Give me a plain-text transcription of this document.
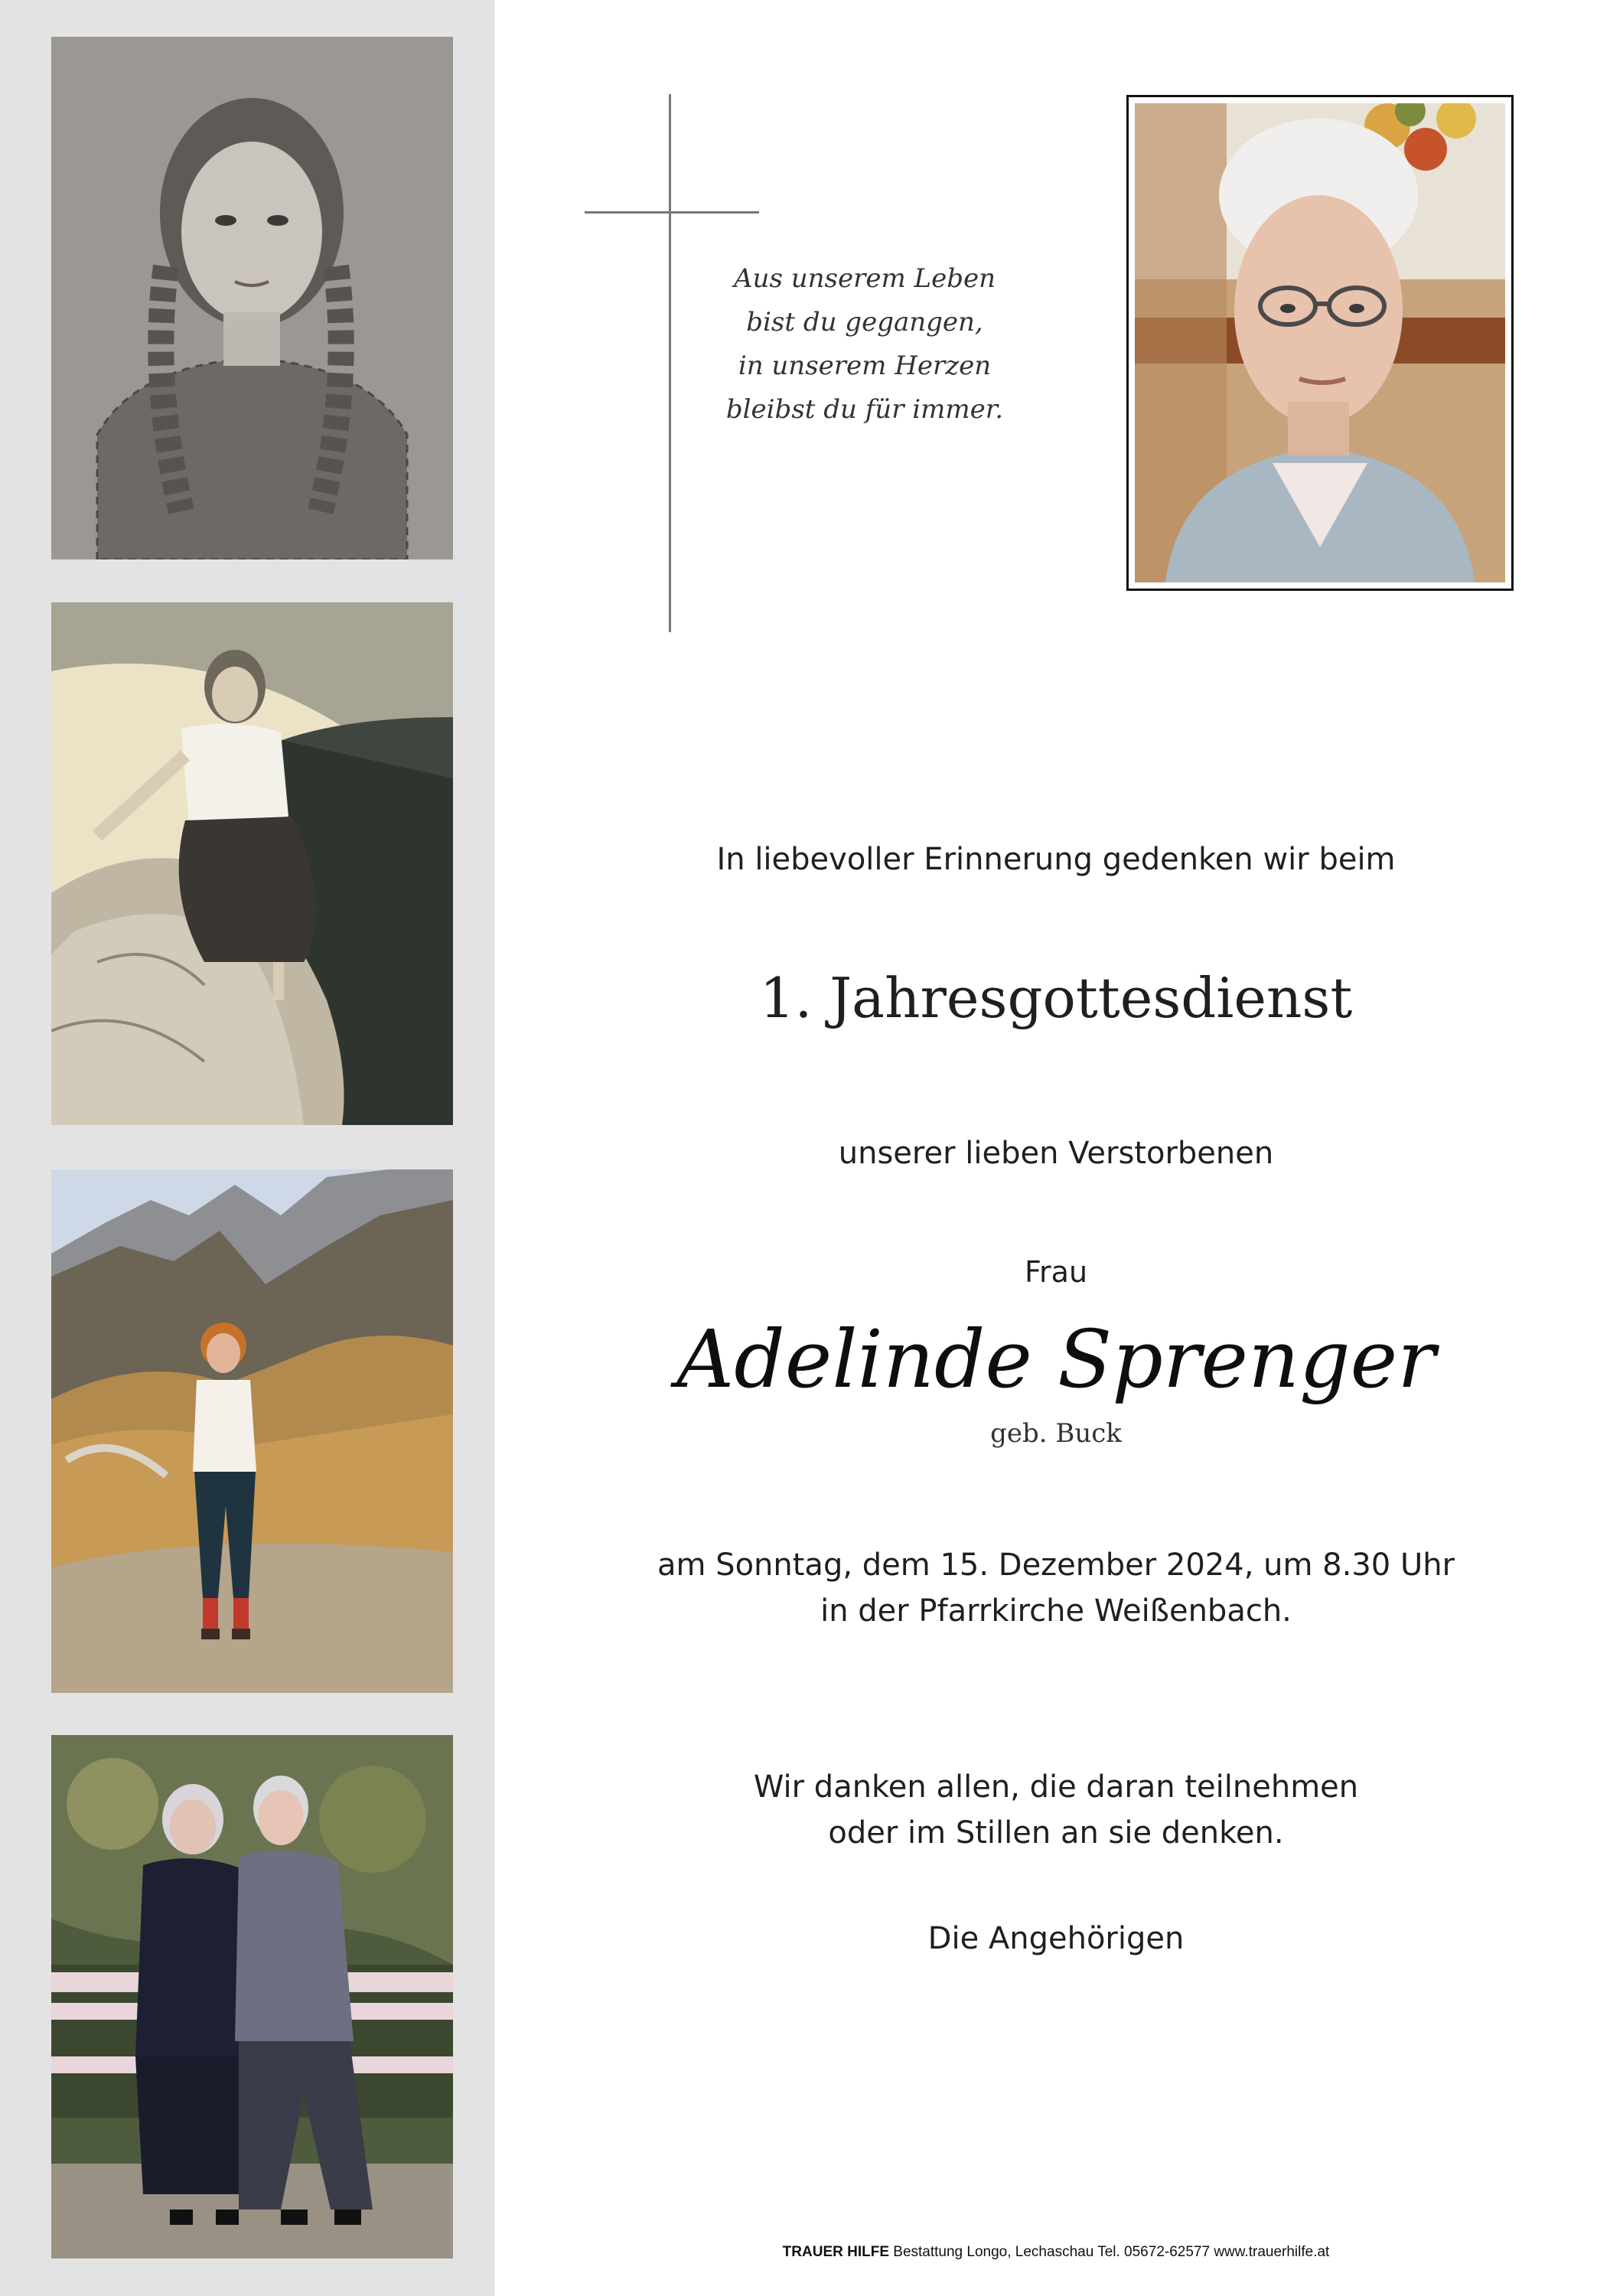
Aus unserem Leben
bist du gegangen,
in unserem Herzen
bleibst du für immer.
In liebevoller Erinnerung gedenken wir beim
1. Jahresgottesdienst
unserer lieben Verstorbenen
Frau
Adelinde Sprenger
geb. Buck
am Sonntag, dem 15. Dezember 2024, um 8.30 Uhr
in der Pfarrkirche Weißenbach.
Wir danken allen, die daran teilnehmen
oder im Stillen an sie denken.
Die Angehörigen
TRAUER HILFE Bestattung Longo, Lechaschau Tel. 05672-62577 www.trauerhilfe.at
